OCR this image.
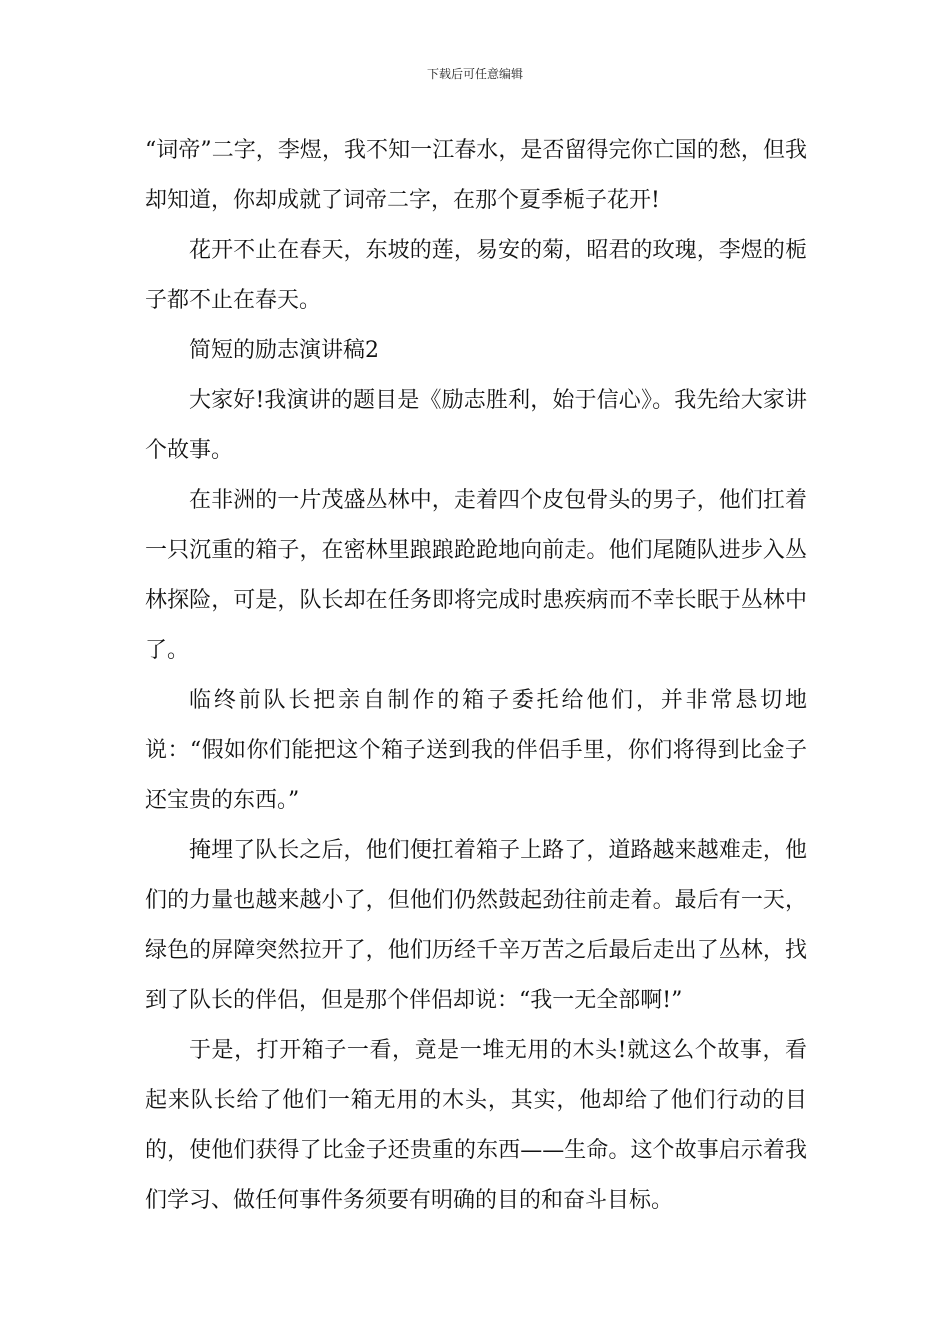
下载后可任意编辑

“词帝”二字，李煜，我不知一江春水，是否留得完你亡国的愁，但我却知道，你却成就了词帝二字，在那个夏季栀子花开!

花开不止在春天，东坡的莲，易安的菊，昭君的玫瑰，李煜的栀子都不止在春天。

简短的励志演讲稿2

大家好!我演讲的题目是《励志胜利，始于信心》。我先给大家讲个故事。

在非洲的一片茂盛丛林中，走着四个皮包骨头的男子，他们扛着一只沉重的箱子，在密林里踉踉跄跄地向前走。他们尾随队进步入丛林探险，可是，队长却在任务即将完成时患疾病而不幸长眠于丛林中了。

临终前队长把亲自制作的箱子委托给他们，并非常恳切地说：“假如你们能把这个箱子送到我的伴侣手里，你们将得到比金子还宝贵的东西。”

掩埋了队长之后，他们便扛着箱子上路了，道路越来越难走，他们的力量也越来越小了，但他们仍然鼓起劲往前走着。最后有一天，绿色的屏障突然拉开了，他们历经千辛万苦之后最后走出了丛林，找到了队长的伴侣，但是那个伴侣却说：“我一无全部啊!”

于是，打开箱子一看，竟是一堆无用的木头!就这么个故事，看起来队长给了他们一箱无用的木头，其实，他却给了他们行动的目的，使他们获得了比金子还贵重的东西——生命。这个故事启示着我们学习、做任何事件务须要有明确的目的和奋斗目标。
